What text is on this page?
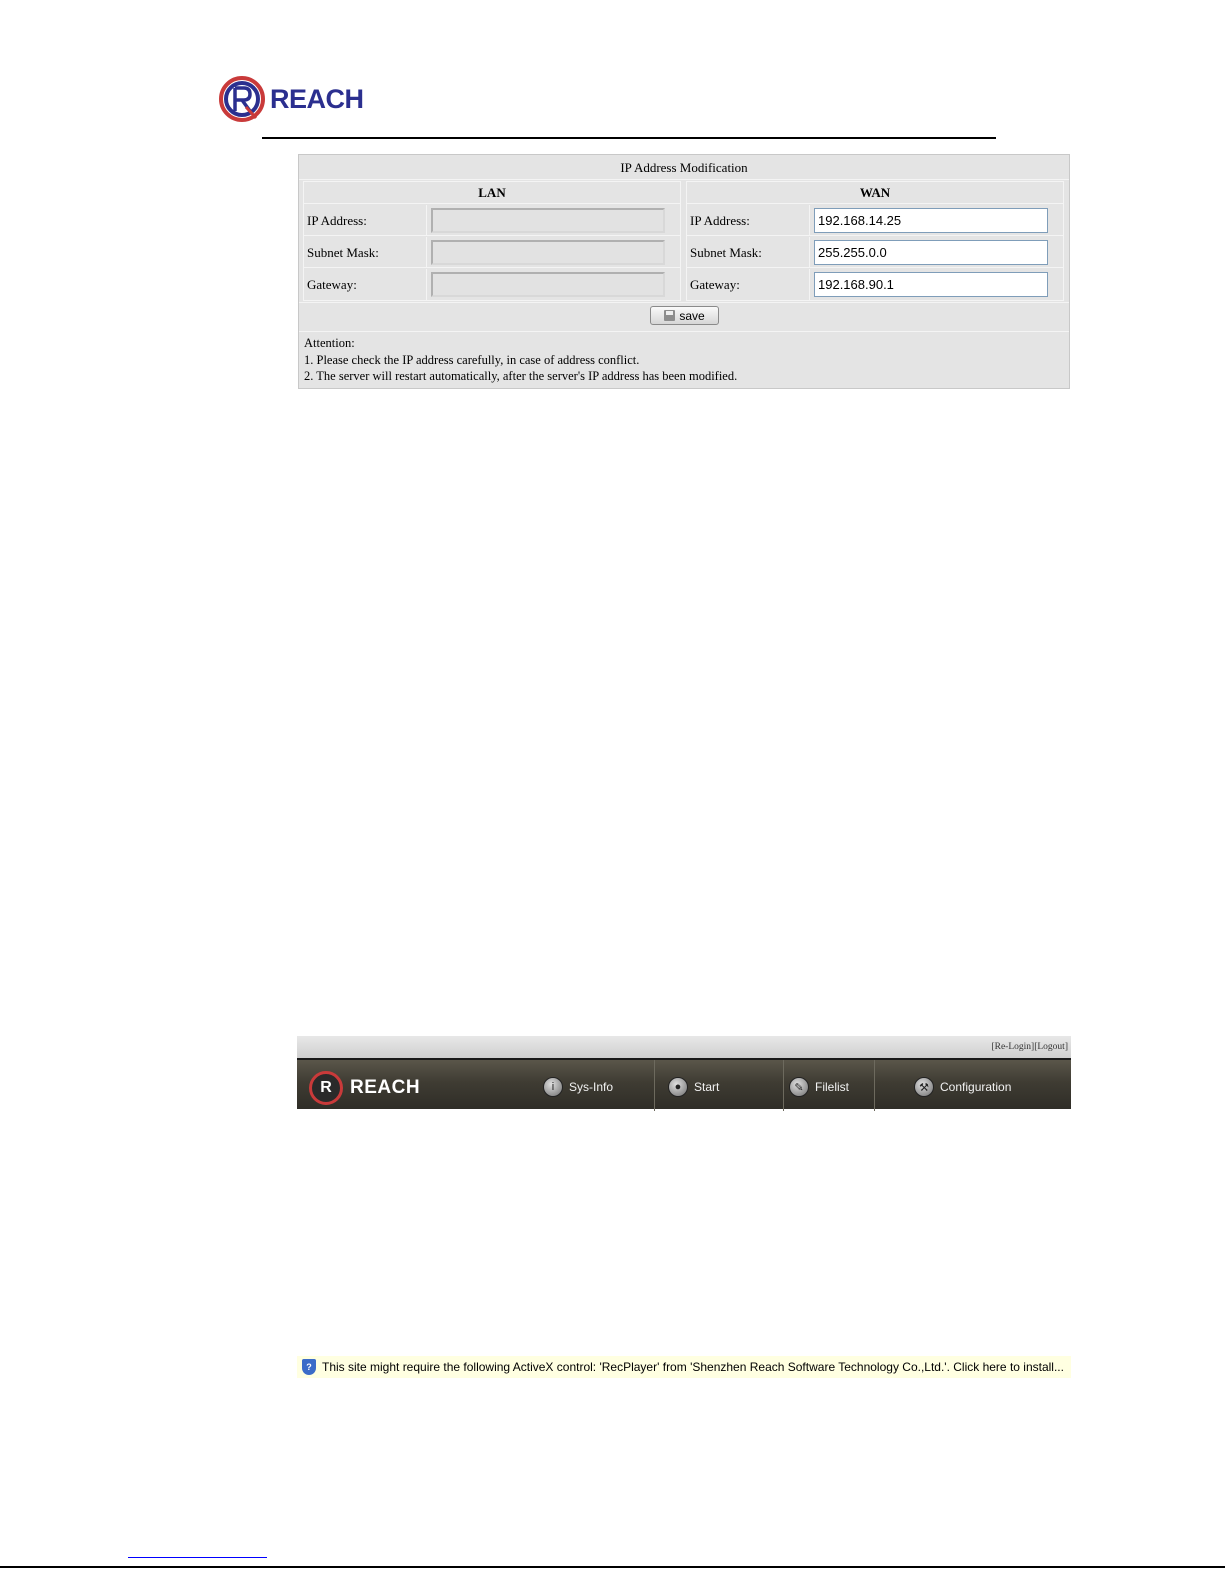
REACH
IP Address Modification
LAN
IP Address:
Subnet Mask:
Gateway:
WAN
IP Address:
192.168.14.25
Subnet Mask:
255.255.0.0
Gateway:
192.168.90.1
save
Attention:
1. Please check the IP address carefully, in case of address conflict.
2. The server will restart automatically, after the server's IP address has been modified.
[Re-Login][Logout]
R REACH	i	Sys-Info	●	Start	✎ Filelist	⚒ Configuration
? This site might require the following ActiveX control: 'RecPlayer' from 'Shenzhen Reach Software Technology Co.,Ltd.'. Click here to install...
